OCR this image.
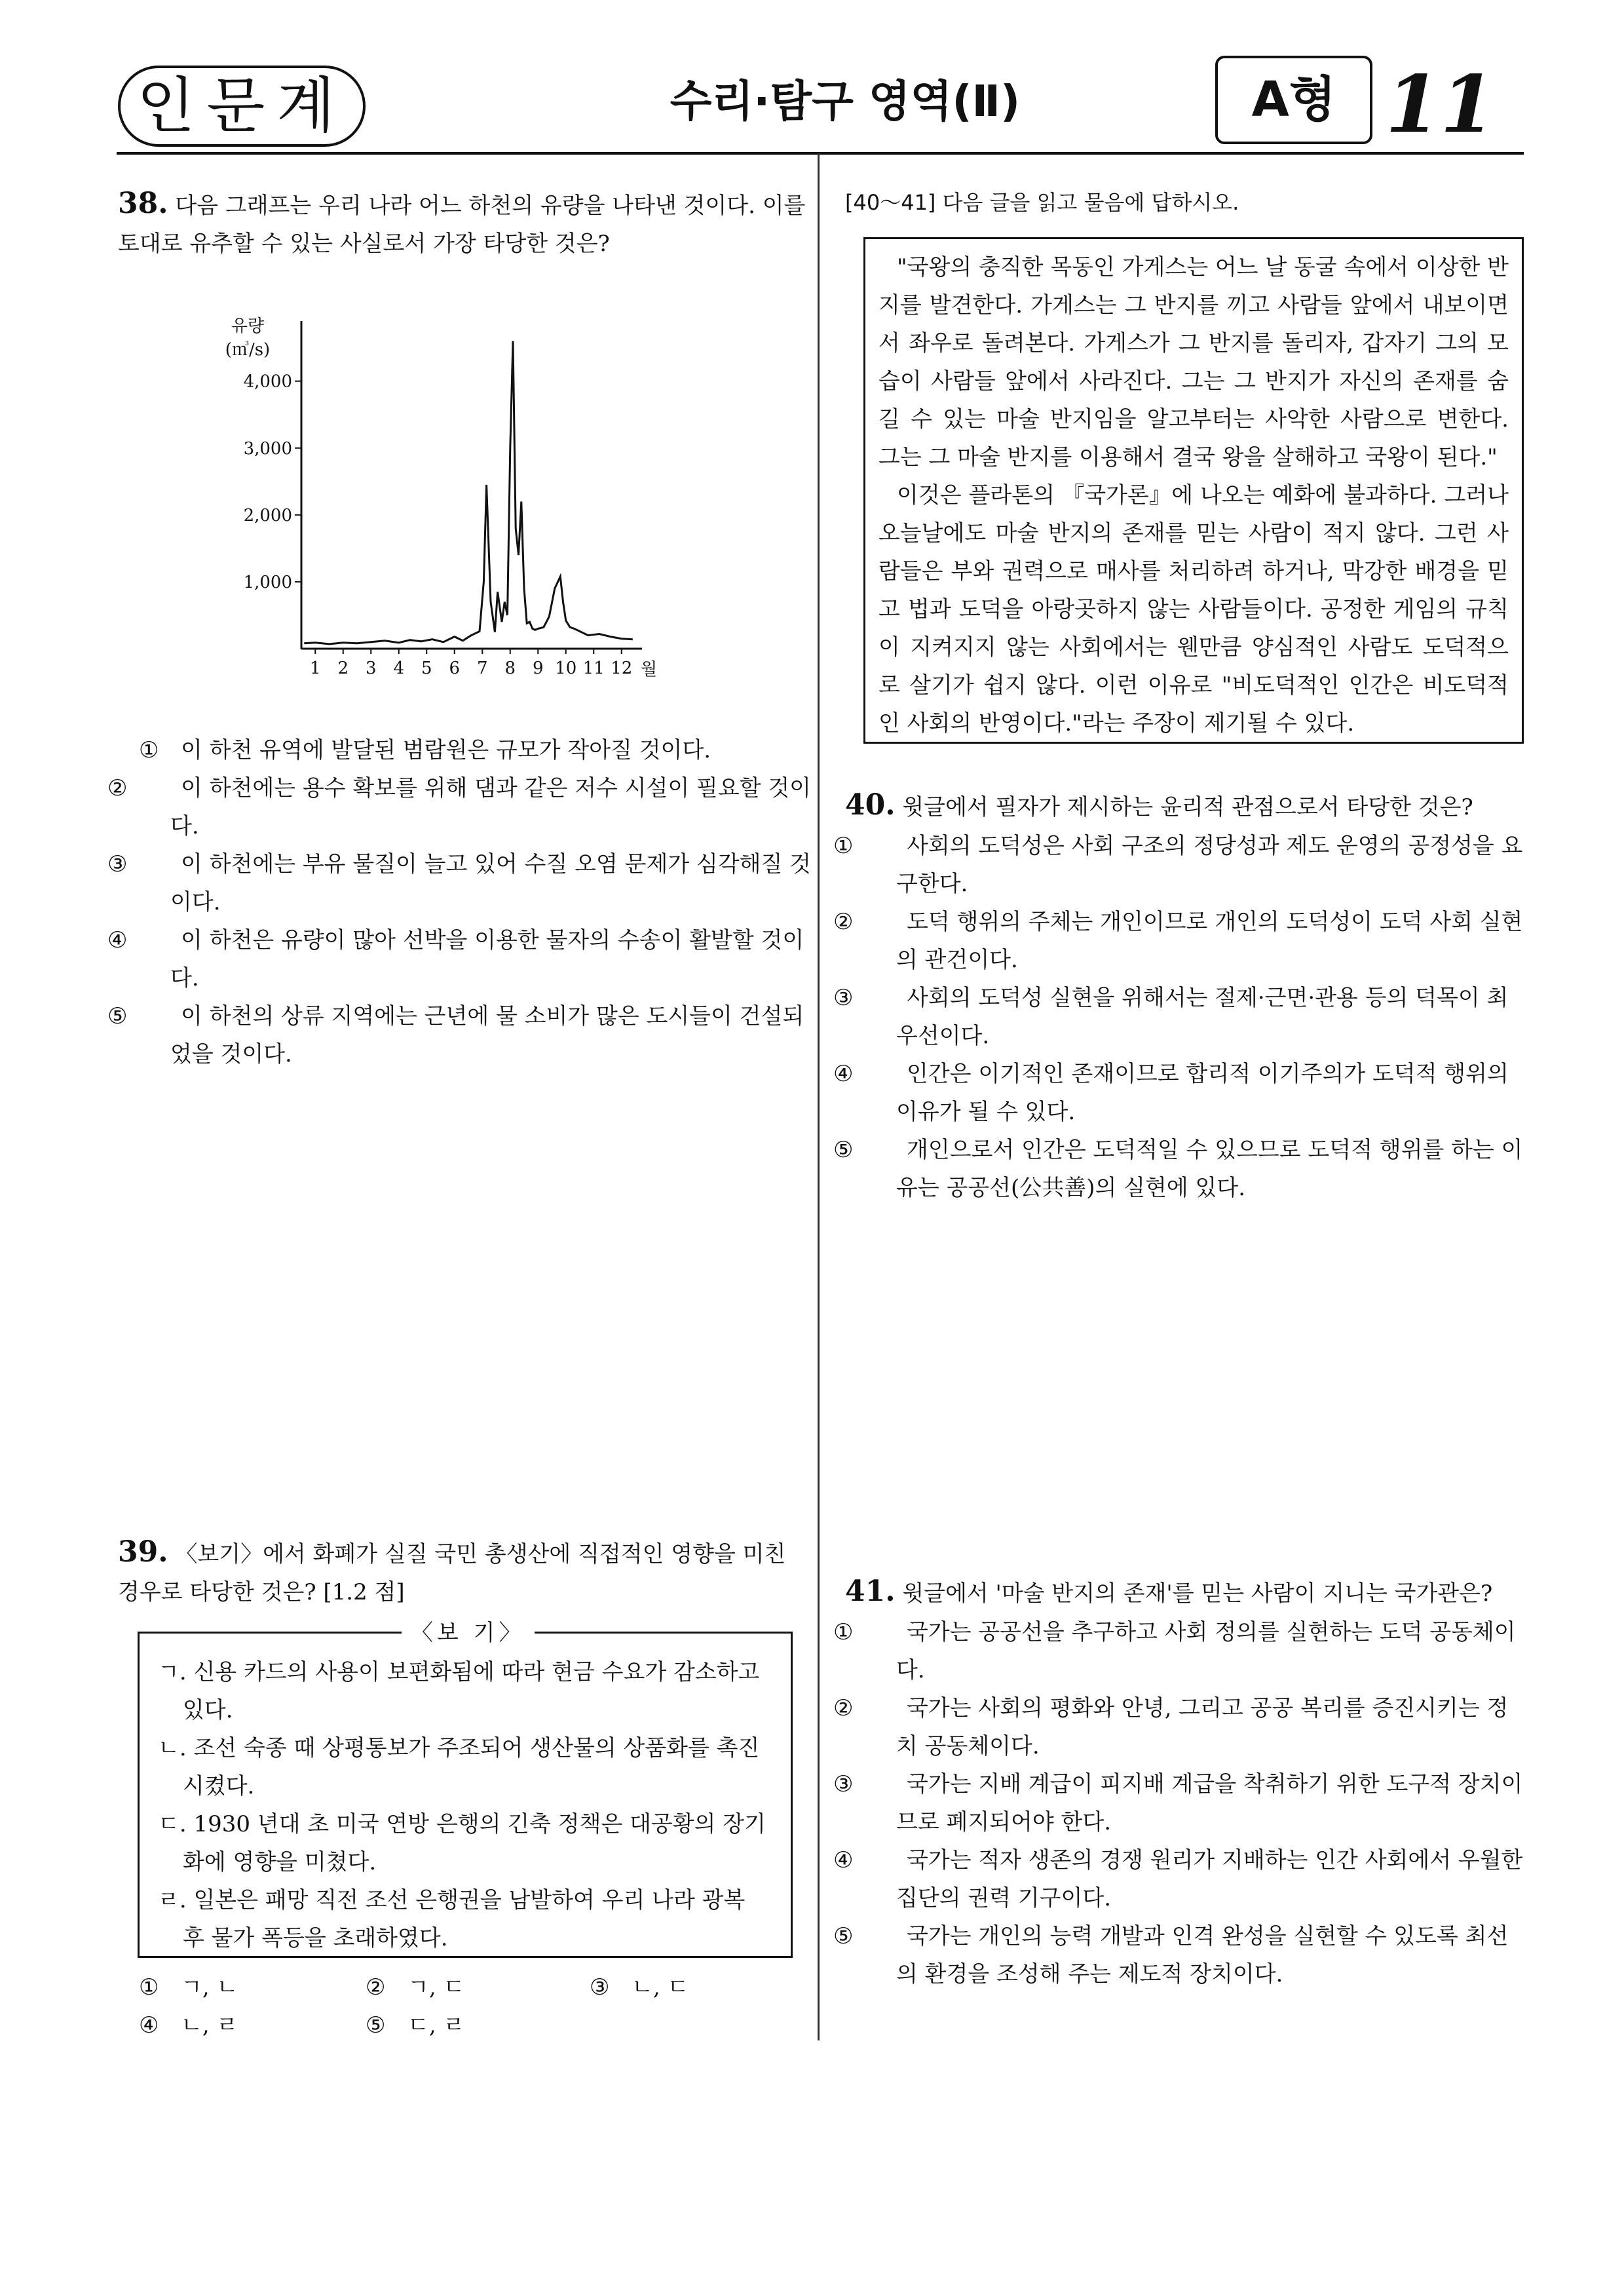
인문계	수리·탐구 영역(Ⅱ)	A형 11
38. 다음 그래프는 우리 나라 어느 하천의 유량을 나타낸 것이다. 이를 토대로 유추할 수 있는 사실로서 가장 타당한 것은?
유량
(㎥/s)
1,000
2,000
3,000
4,000
1 2 3 4 5 6 7 8 9 10 11 12 월
① 이 하천 유역에 발달된 범람원은 규모가 작아질 것이다.
② 이 하천에는 용수 확보를 위해 댐과 같은 저수 시설이 필요할 것이다.
③ 이 하천에는 부유 물질이 늘고 있어 수질 오염 문제가 심각해질 것이다.
④ 이 하천은 유량이 많아 선박을 이용한 물자의 수송이 활발할 것이다.
⑤ 이 하천의 상류 지역에는 근년에 물 소비가 많은 도시들이 건설되었을 것이다.
39. 〈보기〉에서 화폐가 실질 국민 총생산에 직접적인 영향을 미친 경우로 타당한 것은? [1.2 점]
〈보 기〉
ㄱ. 신용 카드의 사용이 보편화됨에 따라 현금 수요가 감소하고 있다.
ㄴ. 조선 숙종 때 상평통보가 주조되어 생산물의 상품화를 촉진시켰다.
ㄷ. 1930 년대 초 미국 연방 은행의 긴축 정책은 대공황의 장기화에 영향을 미쳤다.
ㄹ. 일본은 패망 직전 조선 은행권을 남발하여 우리 나라 광복 후 물가 폭등을 초래하였다.
① ㄱ, ㄴ	② ㄱ, ㄷ	③ ㄴ, ㄷ
④ ㄴ, ㄹ	⑤ ㄷ, ㄹ
[40～41] 다음 글을 읽고 물음에 답하시오.

"국왕의 충직한 목동인 가게스는 어느 날 동굴 속에서 이상한 반지를 발견한다. 가게스는 그 반지를 끼고 사람들 앞에서 내보이면서 좌우로 돌려본다. 가게스가 그 반지를 돌리자, 갑자기 그의 모습이 사람들 앞에서 사라진다. 그는 그 반지가 자신의 존재를 숨길 수 있는 마술 반지임을 알고부터는 사악한 사람으로 변한다. 그는 그 마술 반지를 이용해서 결국 왕을 살해하고 국왕이 된다."

이것은 플라톤의 『국가론』에 나오는 예화에 불과하다. 그러나 오늘날에도 마술 반지의 존재를 믿는 사람이 적지 않다. 그런 사람들은 부와 권력으로 매사를 처리하려 하거나, 막강한 배경을 믿고 법과 도덕을 아랑곳하지 않는 사람들이다. 공정한 게임의 규칙이 지켜지지 않는 사회에서는 웬만큼 양심적인 사람도 도덕적으로 살기가 쉽지 않다. 이런 이유로 "비도덕적인 인간은 비도덕적인 사회의 반영이다."라는 주장이 제기될 수 있다.

40. 윗글에서 필자가 제시하는 윤리적 관점으로서 타당한 것은?
① 사회의 도덕성은 사회 구조의 정당성과 제도 운영의 공정성을 요구한다.
② 도덕 행위의 주체는 개인이므로 개인의 도덕성이 도덕 사회 실현의 관건이다.
③ 사회의 도덕성 실현을 위해서는 절제·근면·관용 등의 덕목이 최우선이다.
④ 인간은 이기적인 존재이므로 합리적 이기주의가 도덕적 행위의 이유가 될 수 있다.
⑤ 개인으로서 인간은 도덕적일 수 있으므로 도덕적 행위를 하는 이유는 공공선(公共善)의 실현에 있다.
41. 윗글에서 '마술 반지의 존재'를 믿는 사람이 지니는 국가관은?
① 국가는 공공선을 추구하고 사회 정의를 실현하는 도덕 공동체이다.
② 국가는 사회의 평화와 안녕, 그리고 공공 복리를 증진시키는 정치 공동체이다.
③ 국가는 지배 계급이 피지배 계급을 착취하기 위한 도구적 장치이므로 폐지되어야 한다.
④ 국가는 적자 생존의 경쟁 원리가 지배하는 인간 사회에서 우월한 집단의 권력 기구이다.
⑤ 국가는 개인의 능력 개발과 인격 완성을 실현할 수 있도록 최선의 환경을 조성해 주는 제도적 장치이다.
